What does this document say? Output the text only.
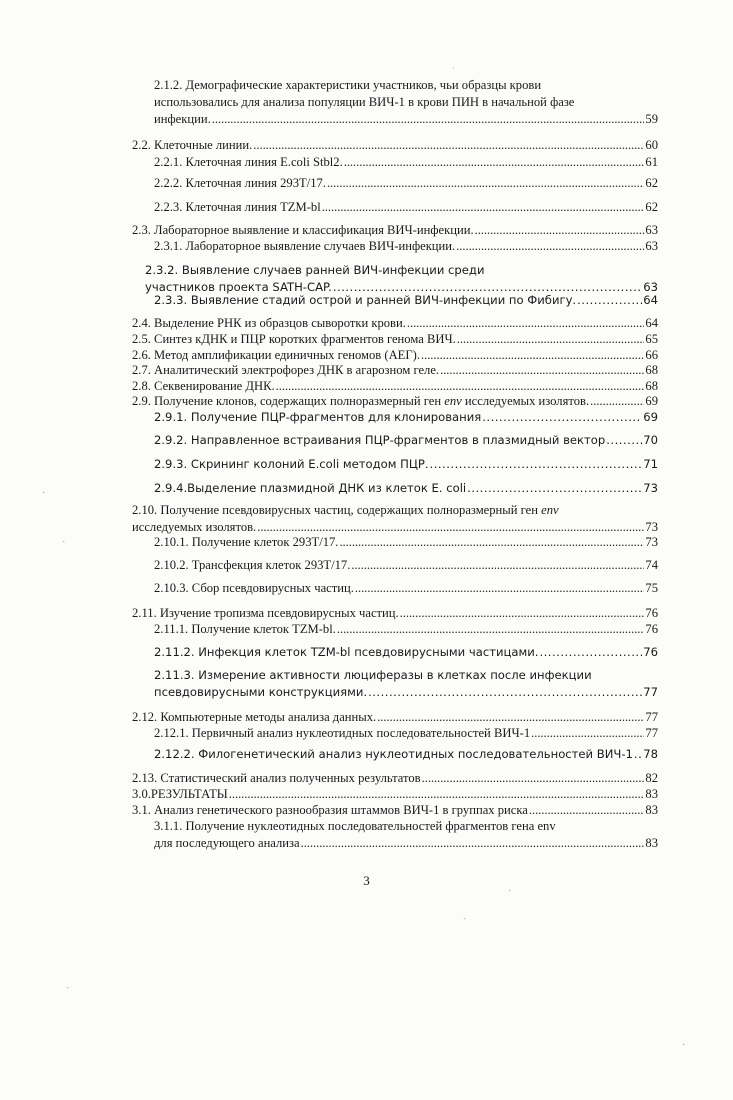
2.1.2. Демографические характеристики участников, чьи образцы крови
использовались для анализа популяции ВИЧ-1 в крови ПИН в начальной фазе
инфекции. . . .	59
2.2. Клеточные линии. . . .	60
2.2.1. Клеточная линия E.coli Stbl2. . . .	61
2.2.2. Клеточная линия 293T/17. . . .	62
2.2.3. Клеточная линия TZM-bl . . .	62
2.3. Лабораторное выявление и классификация ВИЧ-инфекции. . . .	63
2.3.1. Лабораторное выявление случаев ВИЧ-инфекции. . . .	63
2.3.2. Выявление случаев ранней ВИЧ-инфекции среди
участников проекта SATH-CAP. . . .	63
2.3.3. Выявление стадий острой и ранней ВИЧ-инфекции по Фибигу. . . .	64
2.4. Выделение РНК из образцов сыворотки крови. . . .	64
2.5. Синтез кДНК и ПЦР коротких фрагментов генома ВИЧ. . . .	65
2.6. Метод амплификации единичных геномов (АЕГ). . . .	66
2.7. Аналитический электрофорез ДНК в агарозном геле. . . .	68
2.8. Секвенирование ДНК. . . .	68
2.9. Получение клонов, содержащих полноразмерный ген env исследуемых изолятов. . . .	69
2.9.1. Получение ПЦР-фрагментов для клонирования . . .	69
2.9.2. Направленное встраивания ПЦР-фрагментов в плазмидный вектор . . .	70
2.9.3. Скрининг колоний E.coli методом ПЦР. . . .	71
2.9.4.Выделение плазмидной ДНК из клеток E. coli . . .	73
2.10. Получение псевдовирусных частиц, содержащих полноразмерный ген env
исследуемых изолятов. . . .	73
2.10.1. Получение клеток 293T/17. . . .	73
2.10.2. Трансфекция клеток 293T/17. . . .	74
2.10.3. Сбор псевдовирусных частиц. . . .	75
2.11. Изучение тропизма псевдовирусных частиц. . . .	76
2.11.1. Получение клеток TZM-bl. . . .	76
2.11.2. Инфекция клеток TZM-bl псевдовирусными частицами. . . .	76
2.11.3. Измерение активности люциферазы в клетках после инфекции
псевдовирусными конструкциями. . . .	77
2.12. Компьютерные методы анализа данных. . . .	77
2.12.1. Первичный анализ нуклеотидных последовательностей ВИЧ-1 . . .	77
2.12.2. Филогенетический анализ нуклеотидных последовательностей ВИЧ-1 . . . 78
2.13. Статистический анализ полученных результатов . . .	82
3.0.РЕЗУЛЬТАТЫ . . .	83
3.1. Анализ генетического разнообразия штаммов ВИЧ-1 в группах риска . . .	83
3.1.1. Получение нуклеотидных последовательностей фрагментов гена env
для последующего анализа . . .	83
3
ˌ
·
ˏ
·
ˏ
ˏ
·
